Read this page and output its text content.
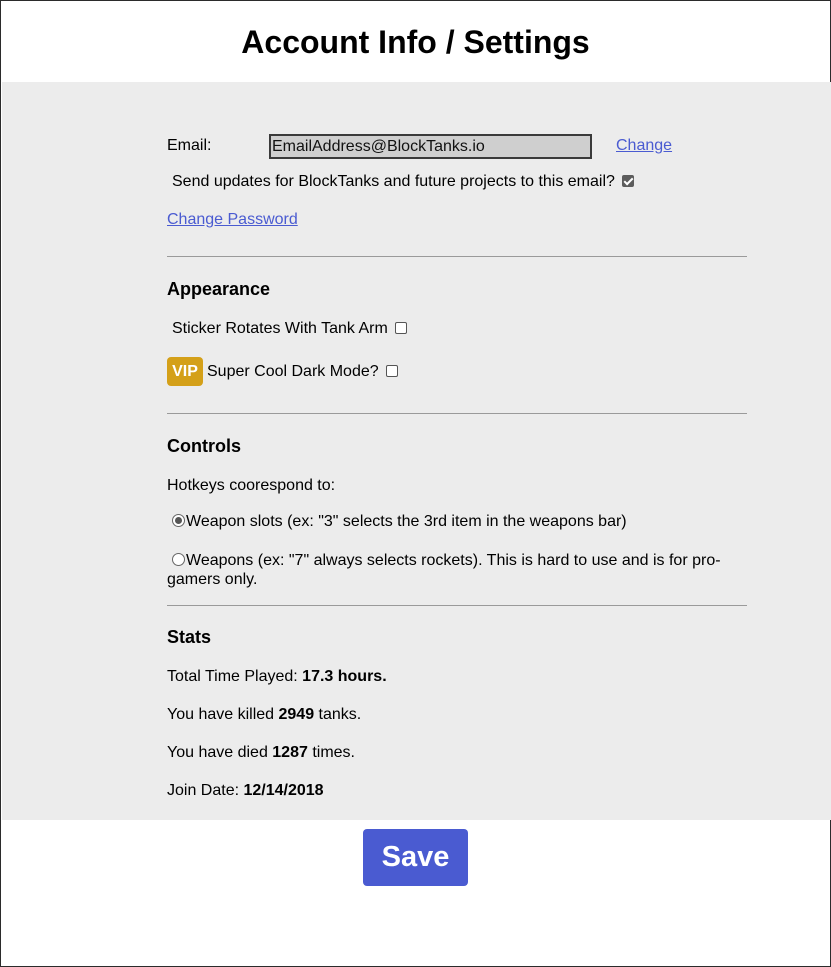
Account Info / Settings
Email:
EmailAddress@BlockTanks.io	Change
Send updates for BlockTanks and future projects to this email?
Change Password
Appearance
Sticker Rotates With Tank Arm
VIP Super Cool Dark Mode?
Controls
Hotkeys coorespond to:
Weapon slots (ex: "3" selects the 3rd item in the weapons bar)
Weapons (ex: "7" always selects rockets). This is hard to use and is for pro-
gamers only.
Stats
Total Time Played: 17.3 hours.
You have killed 2949 tanks.
You have died 1287 times.
Join Date: 12/14/2018
Save
